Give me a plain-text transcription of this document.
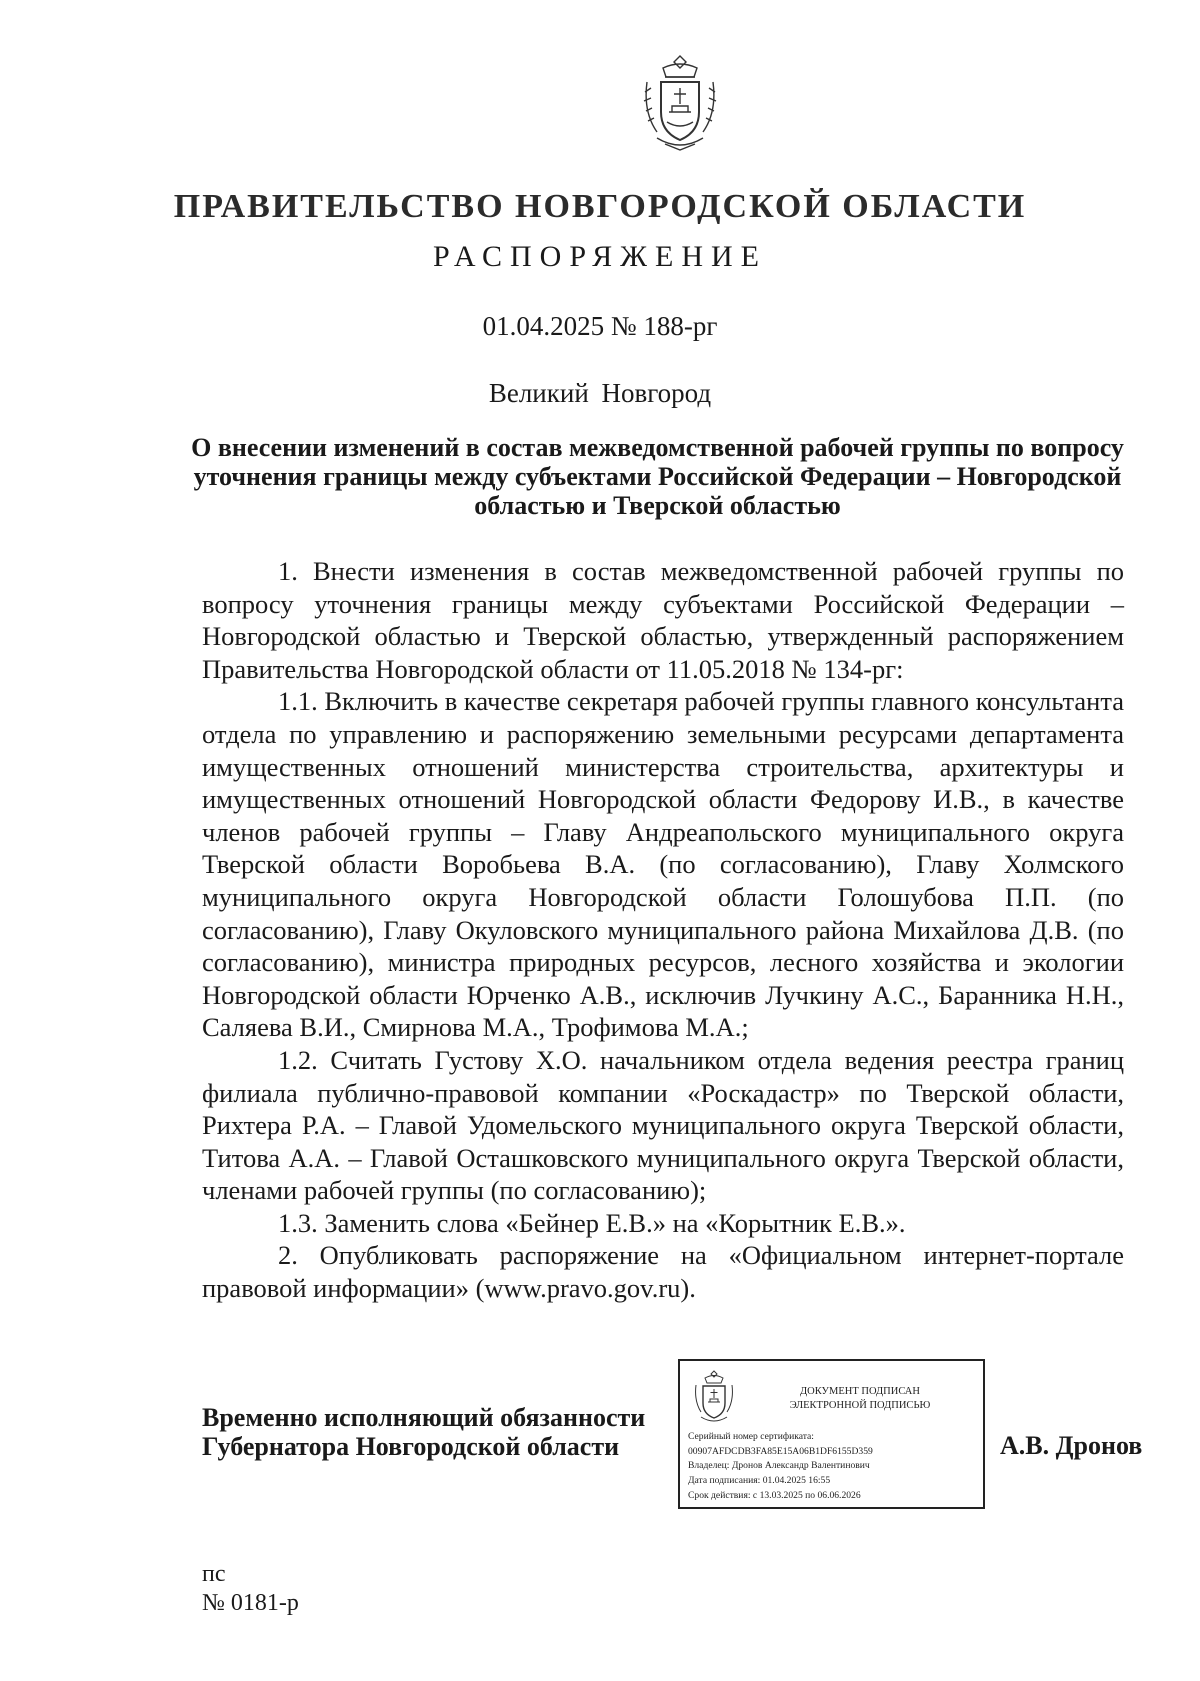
ПРАВИТЕЛЬСТВО НОВГОРОДСКОЙ ОБЛАСТИ
РАСПОРЯЖЕНИЕ
01.04.2025 № 188-рг
Великий Новгород
О внесении изменений в состав межведомственной рабочей группы по вопросу уточнения границы между субъектами Российской Федерации – Новгородской областью и Тверской областью

1. Внести изменения в состав межведомственной рабочей группы по вопросу уточнения границы между субъектами Российской Федерации – Новгородской областью и Тверской областью, утвержденный распоряжением Правительства Новгородской области от 11.05.2018 № 134-рг:

1.1. Включить в качестве секретаря рабочей группы главного консультанта отдела по управлению и распоряжению земельными ресурсами департамента имущественных отношений министерства строительства, архитектуры и имущественных отношений Новгородской области Федорову И.В., в качестве членов рабочей группы – Главу Андреапольского муниципального округа Тверской области Воробьева В.А. (по согласованию), Главу Холмского муниципального округа Новгородской области Голошубова П.П. (по согласованию), Главу Окуловского муниципального района Михайлова Д.В. (по согласованию), министра природных ресурсов, лесного хозяйства и экологии Новгородской области Юрченко А.В., исключив Лучкину А.С., Баранника Н.Н., Саляева В.И., Смирнова М.А., Трофимова М.А.;

1.2. Считать Густову Х.О. начальником отдела ведения реестра границ филиала публично-правовой компании «Роскадастр» по Тверской области, Рихтера Р.А. – Главой Удомельского муниципального округа Тверской области, Титова А.А. – Главой Осташковского муниципального округа Тверской области, членами рабочей группы (по согласованию);

1.3. Заменить слова «Бейнер Е.В.» на «Корытник Е.В.».

2. Опубликовать распоряжение на «Официальном интернет-портале правовой информации» (www.pravo.gov.ru).

Временно исполняющий обязанности
Губернатора Новгородской области
ДОКУМЕНТ ПОДПИСАН
ЭЛЕКТРОННОЙ ПОДПИСЬЮ
Серийный номер сертификата:
00907AFDCDB3FA85E15A06B1DF6155D359
Владелец: Дронов Александр Валентинович
Дата подписания: 01.04.2025 16:55
Срок действия: с 13.03.2025 по 06.06.2026
А.В. Дронов
пс
№ 0181-р
